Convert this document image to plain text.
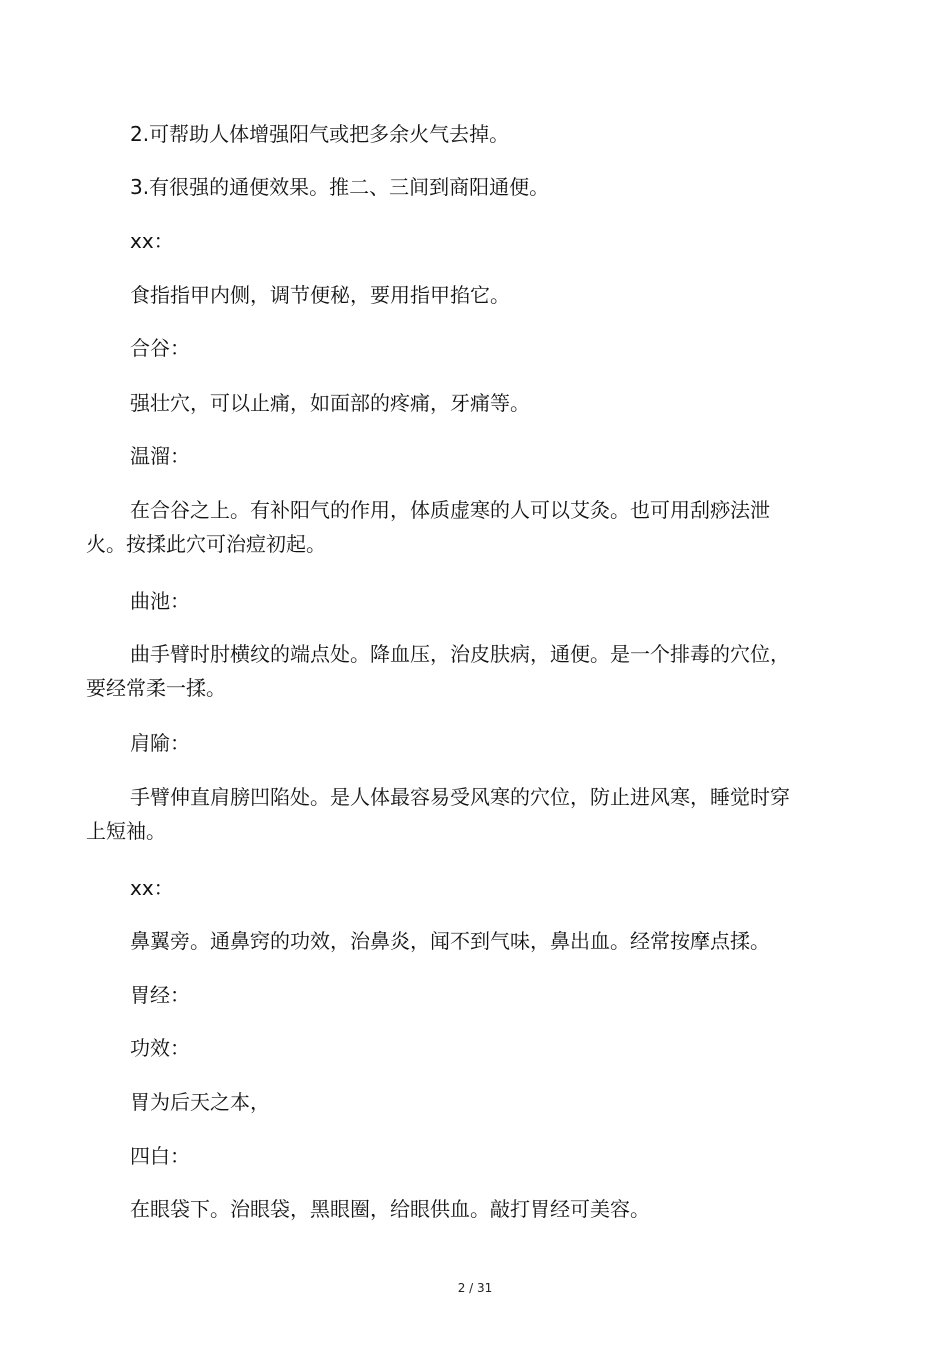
2.可帮助人体增强阳气或把多余火气去掉。

3.有很强的通便效果。推二、三间到商阳通便。

xx：

食指指甲内侧，调节便秘，要用指甲掐它。

合谷：

强壮穴，可以止痛，如面部的疼痛，牙痛等。

温溜：

在合谷之上。有补阳气的作用，体质虚寒的人可以艾灸。也可用刮痧法泄火。按揉此穴可治痘初起。

曲池：

曲手臂时肘横纹的端点处。降血压，治皮肤病，通便。是一个排毒的穴位，要经常柔一揉。

肩隃：

手臂伸直肩膀凹陷处。是人体最容易受风寒的穴位，防止进风寒，睡觉时穿上短袖。

xx：

鼻翼旁。通鼻窍的功效，治鼻炎，闻不到气味，鼻出血。经常按摩点揉。

胃经：

功效：

胃为后天之本，

四白：

在眼袋下。治眼袋，黑眼圈，给眼供血。敲打胃经可美容。

2 / 31
